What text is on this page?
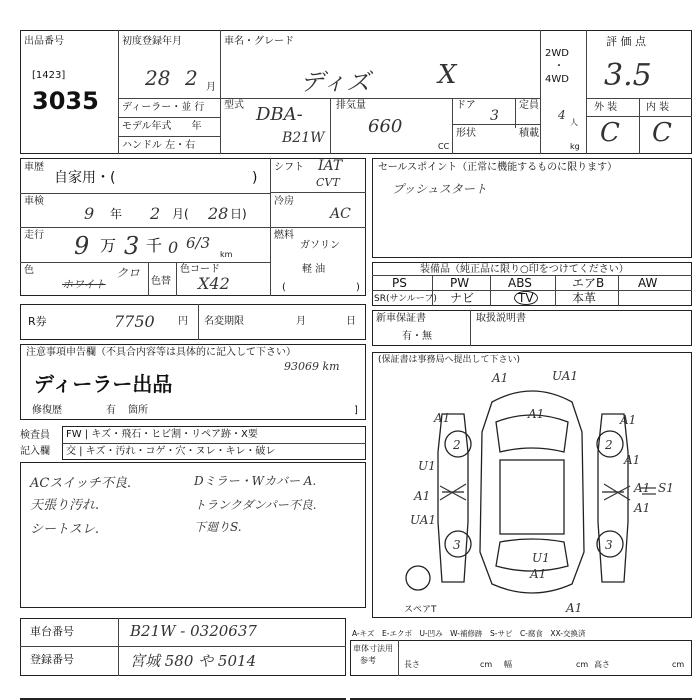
出品番号
[1423]
3035
初度登録年月
28 2 月
車名・グレード
ディズ	X
2WD
・
4WD
評 価 点
3.5
外 装	内 装
C C
ディーラー・並 行
モデル年式　　年
ハンドル 左・右
型式 DBA-
B21W
排気量
660
CC
ドア
3
定員
4
人
形状	積載
kg
車歴
自家用・(	)
車検
9 年 2 月( 28 日)
走行 9 万 3 千 0 6/3
km
色
ホワイト
クロ
色替
色コード
X42
シフト IAT
CVT
冷房
AC
燃料
ガソリン
軽 油
(	)
セールスポイント（正常に機能するものに限ります）
プッシュスタート
装備品（純正品に限り○印をつけてください）
PS	PW	ABS	エアB	AW
SR(サンルーフ) ナビ	TV	本革
R券	7750 円 名変期限	月	日 新車保証書
有・無
取扱説明書
注意事項申告欄（不具合内容等は具体的に記入して下さい）
93069 km
ディーラー出品
修復歴	有 箇所	]
検査員
記入欄
FW | キズ・飛石・ヒビ割・リペア跡・X要
交 | キズ・汚れ・コゲ・穴・ヌレ・キレ・破レ
ACスイッチ不良.
天張り汚れ.
シートスレ.
Dミラー・Wカバー A.
トランクダンパー不良.
下廻りS.
(保証書は事務局へ提出して下さい)
A1	UA1
A1	A1	A1
U1	A1
A1
UA1
A1 S1
A1
U1
A1
A1
2	2
3	3
スペアT
車台番号	B21W - 0320637
登録番号	宮城 580 や 5014
A-キズ　E-エクボ　U-凹み　W-補修跡　S-サビ　C-腐食　XX-交換済
車体寸法用
参考	長さ	cm 幅	cm 高さ	cm
